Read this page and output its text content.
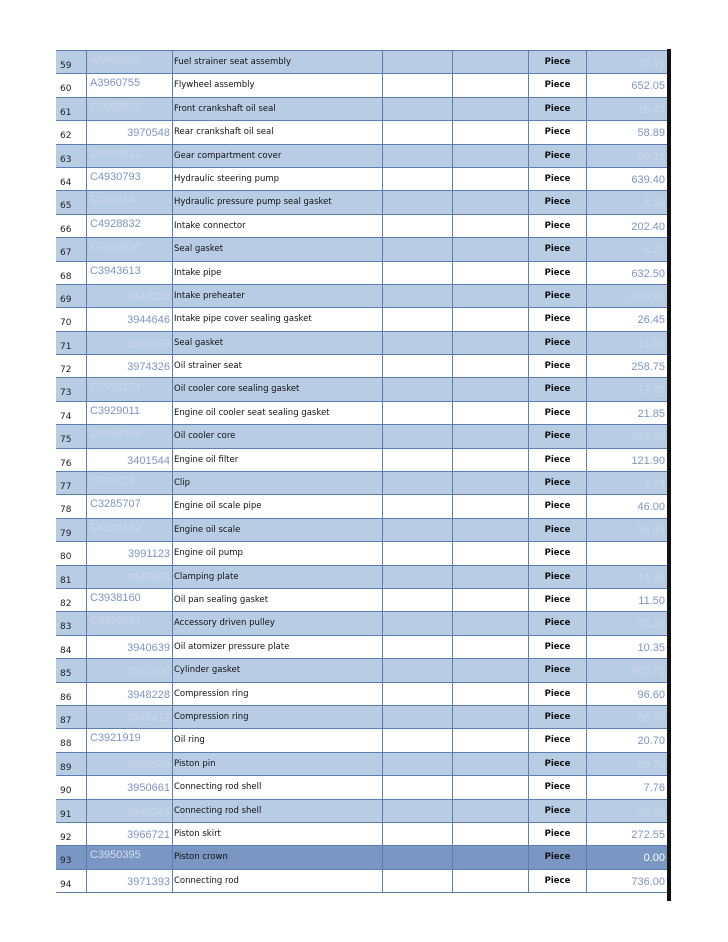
59	A3904362	Fuel strainer seat assembly	Piece	26.91
60	A3960755	Flywheel assembly	Piece	652.05
61	C3968562	Front crankshaft oil seal	Piece	26.45
62	3970548 Rear crankshaft oil seal	Piece	58.89
63	C3943813	Gear compartment cover	Piece	90.21
64	C4930793	Hydraulic steering pump	Piece	639.40
65	C184916	Hydraulic pressure pump seal gasket	Piece	4.60
66	C4928832	Intake connector	Piece	202.40
67	C4928636	Seal gasket	Piece	6.21
68	C3943613	Intake pipe	Piece	632.50
69	3944222 Intake preheater	Piece	1,410.06
70	3944646 Intake pipe cover sealing gasket	Piece	26.45
71	3992090 Seal gasket	Piece	21.85
72	3974326 Oil strainer seat	Piece	258.75
73	C3918174	Oil cooler core sealing gasket	Piece	17.25
74	C3929011	Engine oil cooler seat sealing gasket	Piece	21.85
75	C3966365	Oil cooler core	Piece	372.60
76	3401544 Engine oil filter	Piece	121.90
77	C108723	Clip	Piece	1.73
78	C3285707	Engine oil scale pipe	Piece	46.00
79	C4935132	Engine oil scale	Piece	26.45
80	3991123 Engine oil pump	Piece
81	3945858 Clamping plate	Piece	14.95
82	C3938160	Oil pan sealing gasket	Piece	11.50
83	C3919624	Accessory driven pulley	Piece	55.20
84	3940639 Oil atomizer pressure plate	Piece	10.35
85	3923366 Cylinder gasket	Piece	465.75
86	3948228 Compression ring	Piece	96.60
87	3948412 Compression ring	Piece	82.80
88	C3921919	Oil ring	Piece	20.70
89	3950549 Piston pin	Piece	89.70
90	3950661 Connecting rod shell	Piece	7.76
91	3945244 Connecting rod shell	Piece	32.20
92	3966721 Piston skirt	Piece	272.55
93	C3950395	Piston crown	Piece	0.00
94	3971393 Connecting rod	Piece	736.00
